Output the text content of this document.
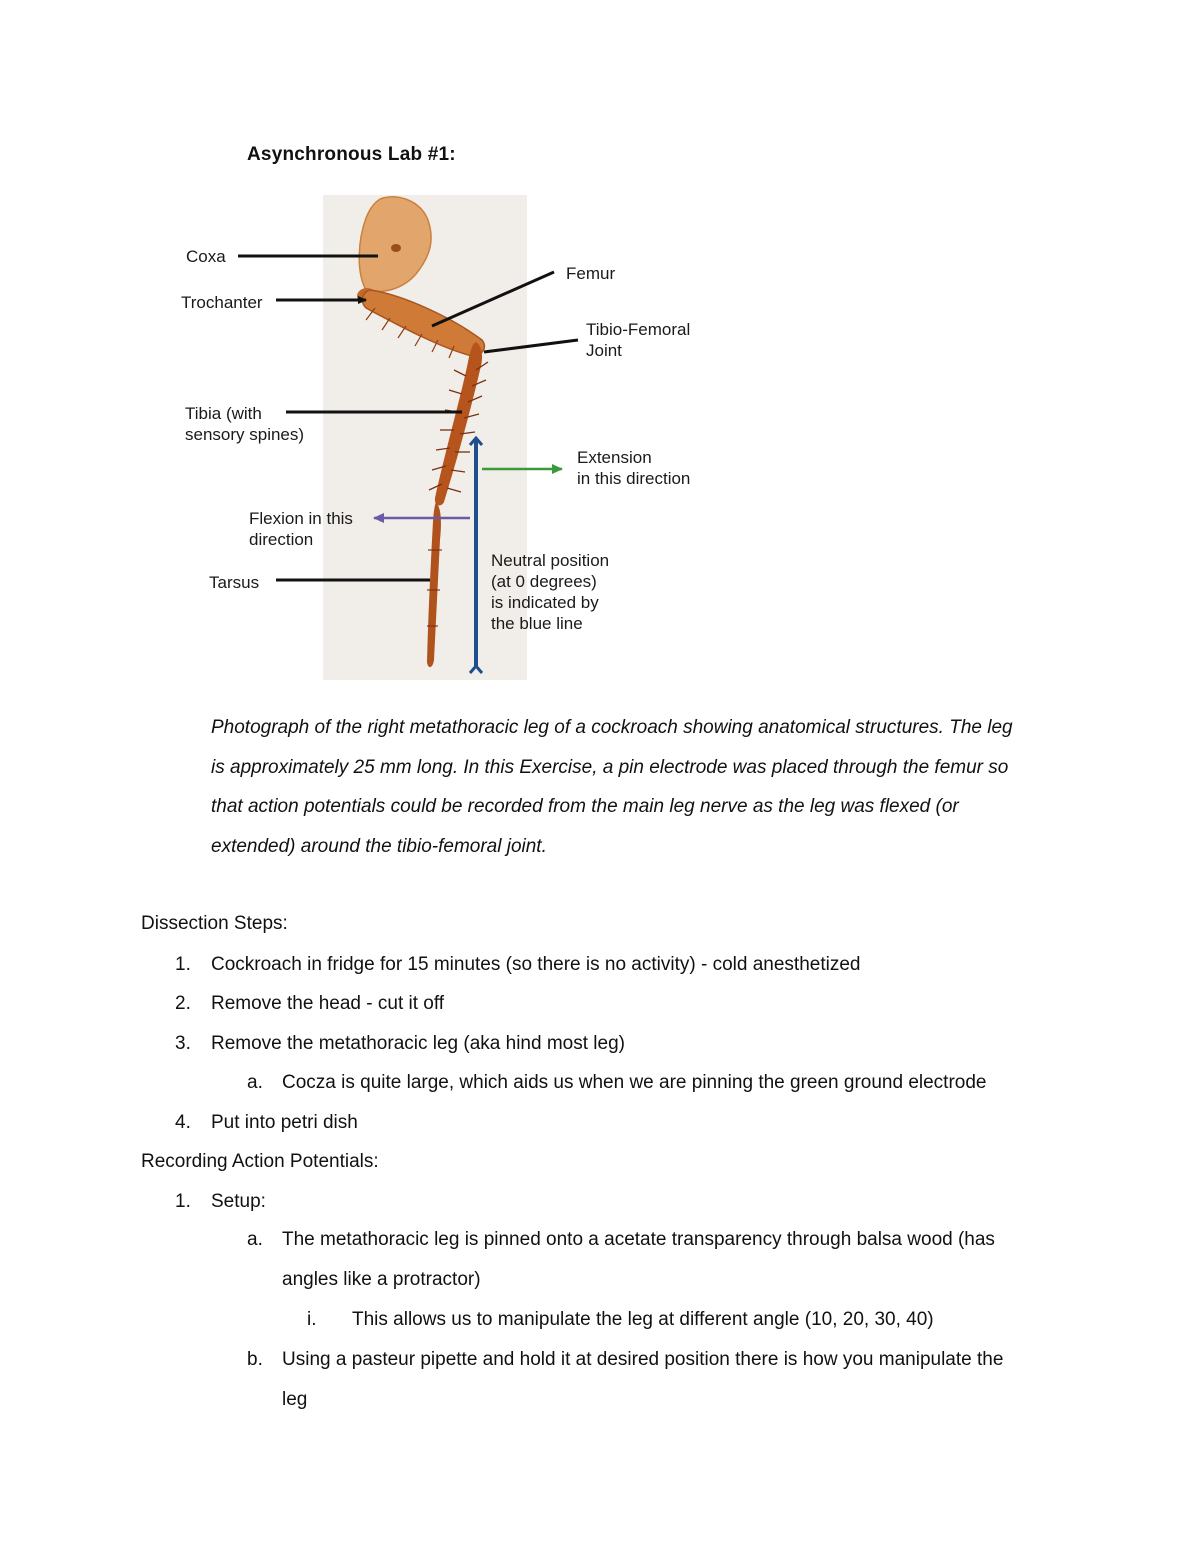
Asynchronous Lab #1:
Coxa
Trochanter
Femur
Tibio-Femoral
Joint
Tibia (with
sensory spines)
Extension
in this direction
Flexion in this
direction
Tarsus
Neutral position
(at 0 degrees)
is indicated by
the blue line
Photograph of the right metathoracic leg of a cockroach showing anatomical structures. The leg
is approximately 25 mm long. In this Exercise, a pin electrode was placed through the femur so
that action potentials could be recorded from the main leg nerve as the leg was flexed (or
extended) around the tibio-femoral joint.
Dissection Steps:
1. Cockroach in fridge for 15 minutes (so there is no activity) - cold anesthetized
2. Remove the head - cut it off
3. Remove the metathoracic leg (aka hind most leg)
a. Cocza is quite large, which aids us when we are pinning the green ground electrode
4. Put into petri dish
Recording Action Potentials:
1. Setup:
a. The metathoracic leg is pinned onto a acetate transparency through balsa wood (has
angles like a protractor)
i. This allows us to manipulate the leg at different angle (10, 20, 30, 40)
b. Using a pasteur pipette and hold it at desired position there is how you manipulate the
leg
